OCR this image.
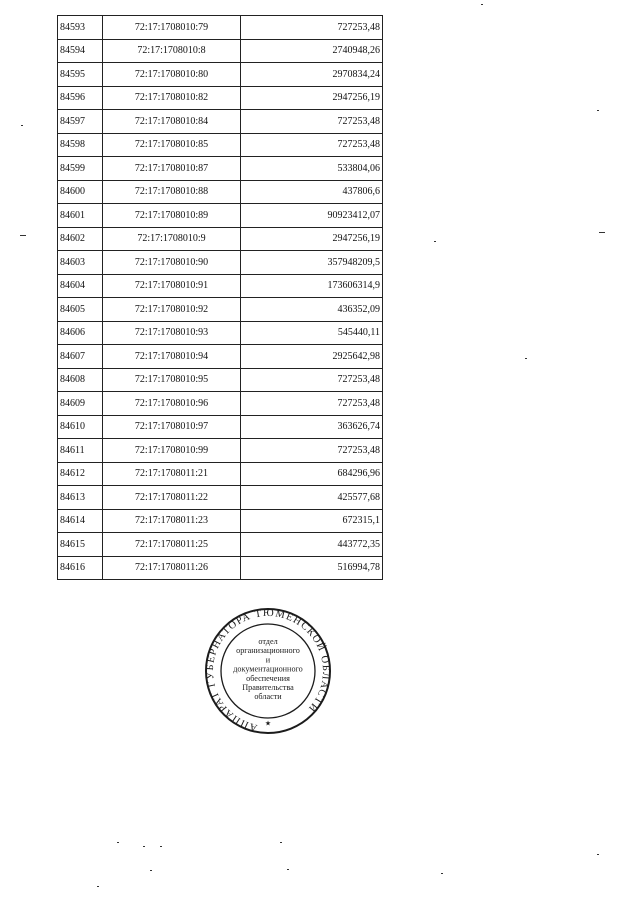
84593	72:17:1708010:79	727253,48
84594	72:17:1708010:8	2740948,26
84595	72:17:1708010:80	2970834,24
84596	72:17:1708010:82	2947256,19
84597	72:17:1708010:84	727253,48
84598	72:17:1708010:85	727253,48
84599	72:17:1708010:87	533804,06
84600	72:17:1708010:88	437806,6
84601	72:17:1708010:89	90923412,07
84602	72:17:1708010:9	2947256,19
84603	72:17:1708010:90	357948209,5
84604	72:17:1708010:91	173606314,9
84605	72:17:1708010:92	436352,09
84606	72:17:1708010:93	545440,11
84607	72:17:1708010:94	2925642,98
84608	72:17:1708010:95	727253,48
84609	72:17:1708010:96	727253,48
84610	72:17:1708010:97	363626,74
84611	72:17:1708010:99	727253,48
84612	72:17:1708011:21	684296,96
84613	72:17:1708011:22	425577,68
84614	72:17:1708011:23	672315,1
84615	72:17:1708011:25	443772,35
84616	72:17:1708011:26	516994,78
АППАРАТ ГУБЕРНАТОРА ТЮМЕНСКОЙ ОБЛАСТИ
★
отдел
организационного
и
документационного
обеспечения
Правительства
области
